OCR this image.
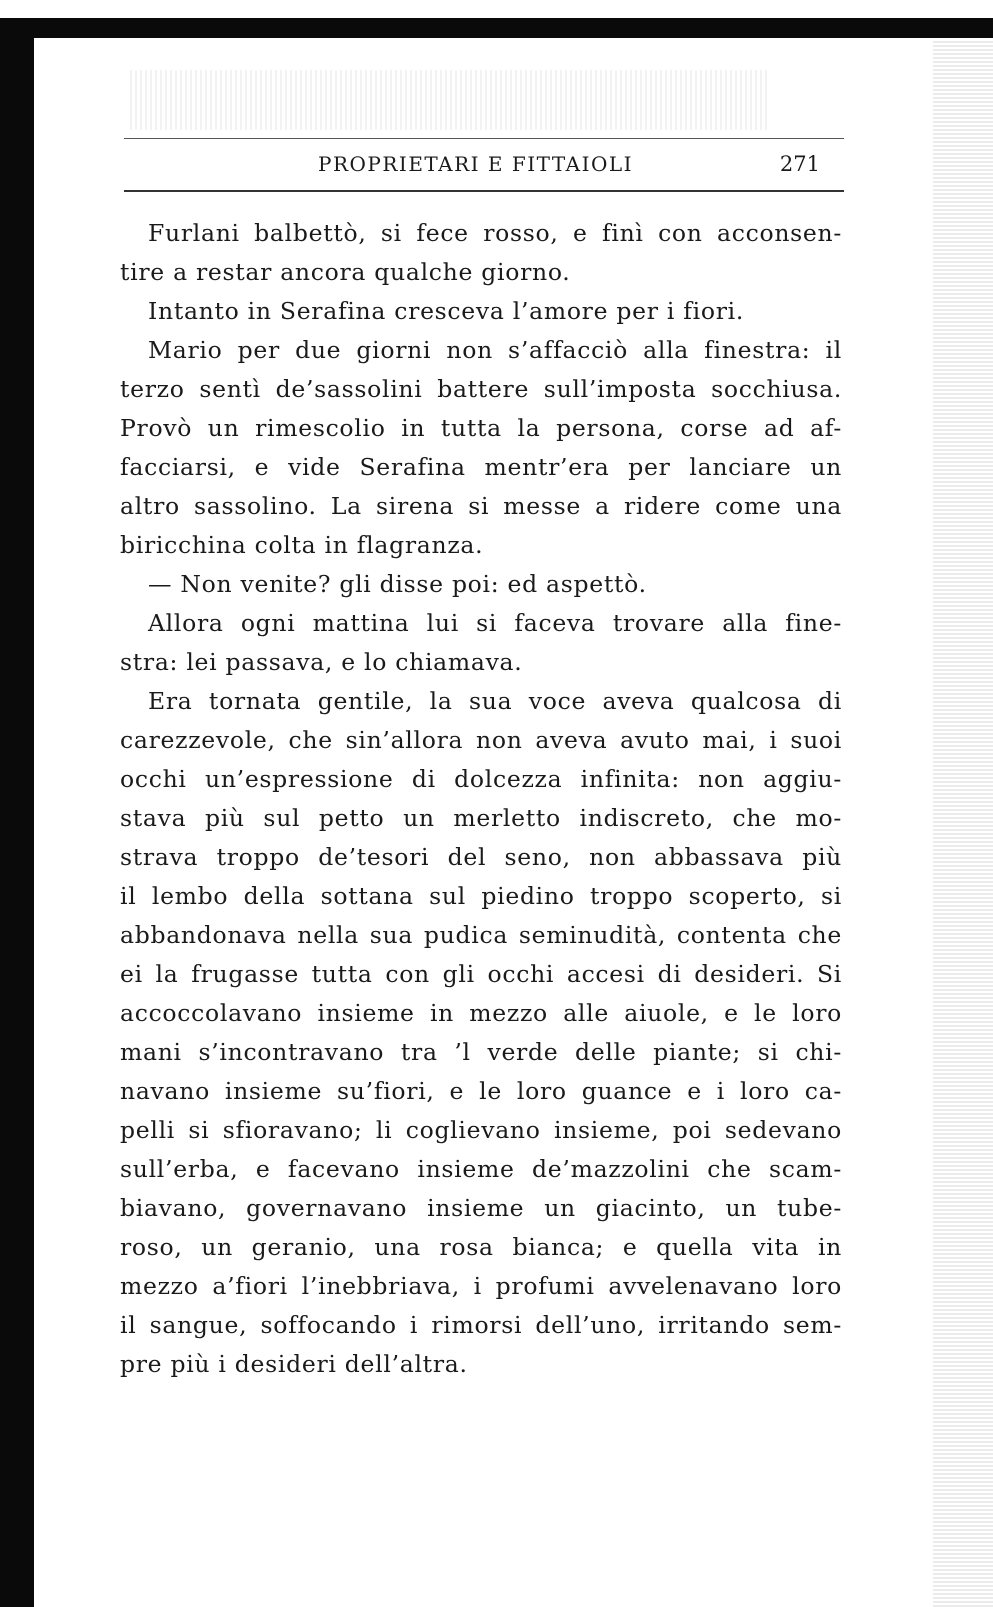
PROPRIETARI E FITTAIOLI	271
Furlani balbettò, si fece rosso, e finì con acconsen-
tire a restar ancora qualche giorno.
Intanto in Serafina cresceva l’amore per i fiori.
Mario per due giorni non s’affacciò alla finestra: il
terzo sentì de’sassolini battere sull’imposta socchiusa.
Provò un rimescolio in tutta la persona, corse ad af-
facciarsi, e vide Serafina mentr’era per lanciare un
altro sassolino. La sirena si messe a ridere come una
biricchina colta in flagranza.
— Non venite? gli disse poi: ed aspettò.
Allora ogni mattina lui si faceva trovare alla fine-
stra: lei passava, e lo chiamava.
Era tornata gentile, la sua voce aveva qualcosa di
carezzevole, che sin’allora non aveva avuto mai, i suoi
occhi un’espressione di dolcezza infinita: non aggiu-
stava più sul petto un merletto indiscreto, che mo-
strava troppo de’tesori del seno, non abbassava più
il lembo della sottana sul piedino troppo scoperto, si
abbandonava nella sua pudica seminudità, contenta che
ei la frugasse tutta con gli occhi accesi di desideri. Si
accoccolavano insieme in mezzo alle aiuole, e le loro
mani s’incontravano tra ’l verde delle piante; si chi-
navano insieme su’fiori, e le loro guance e i loro ca-
pelli si sfioravano; li coglievano insieme, poi sedevano
sull’erba, e facevano insieme de’mazzolini che scam-
biavano, governavano insieme un giacinto, un tube-
roso, un geranio, una rosa bianca; e quella vita in
mezzo a’fiori l’inebbriava, i profumi avvelenavano loro
il sangue, soffocando i rimorsi dell’uno, irritando sem-
pre più i desideri dell’altra.
